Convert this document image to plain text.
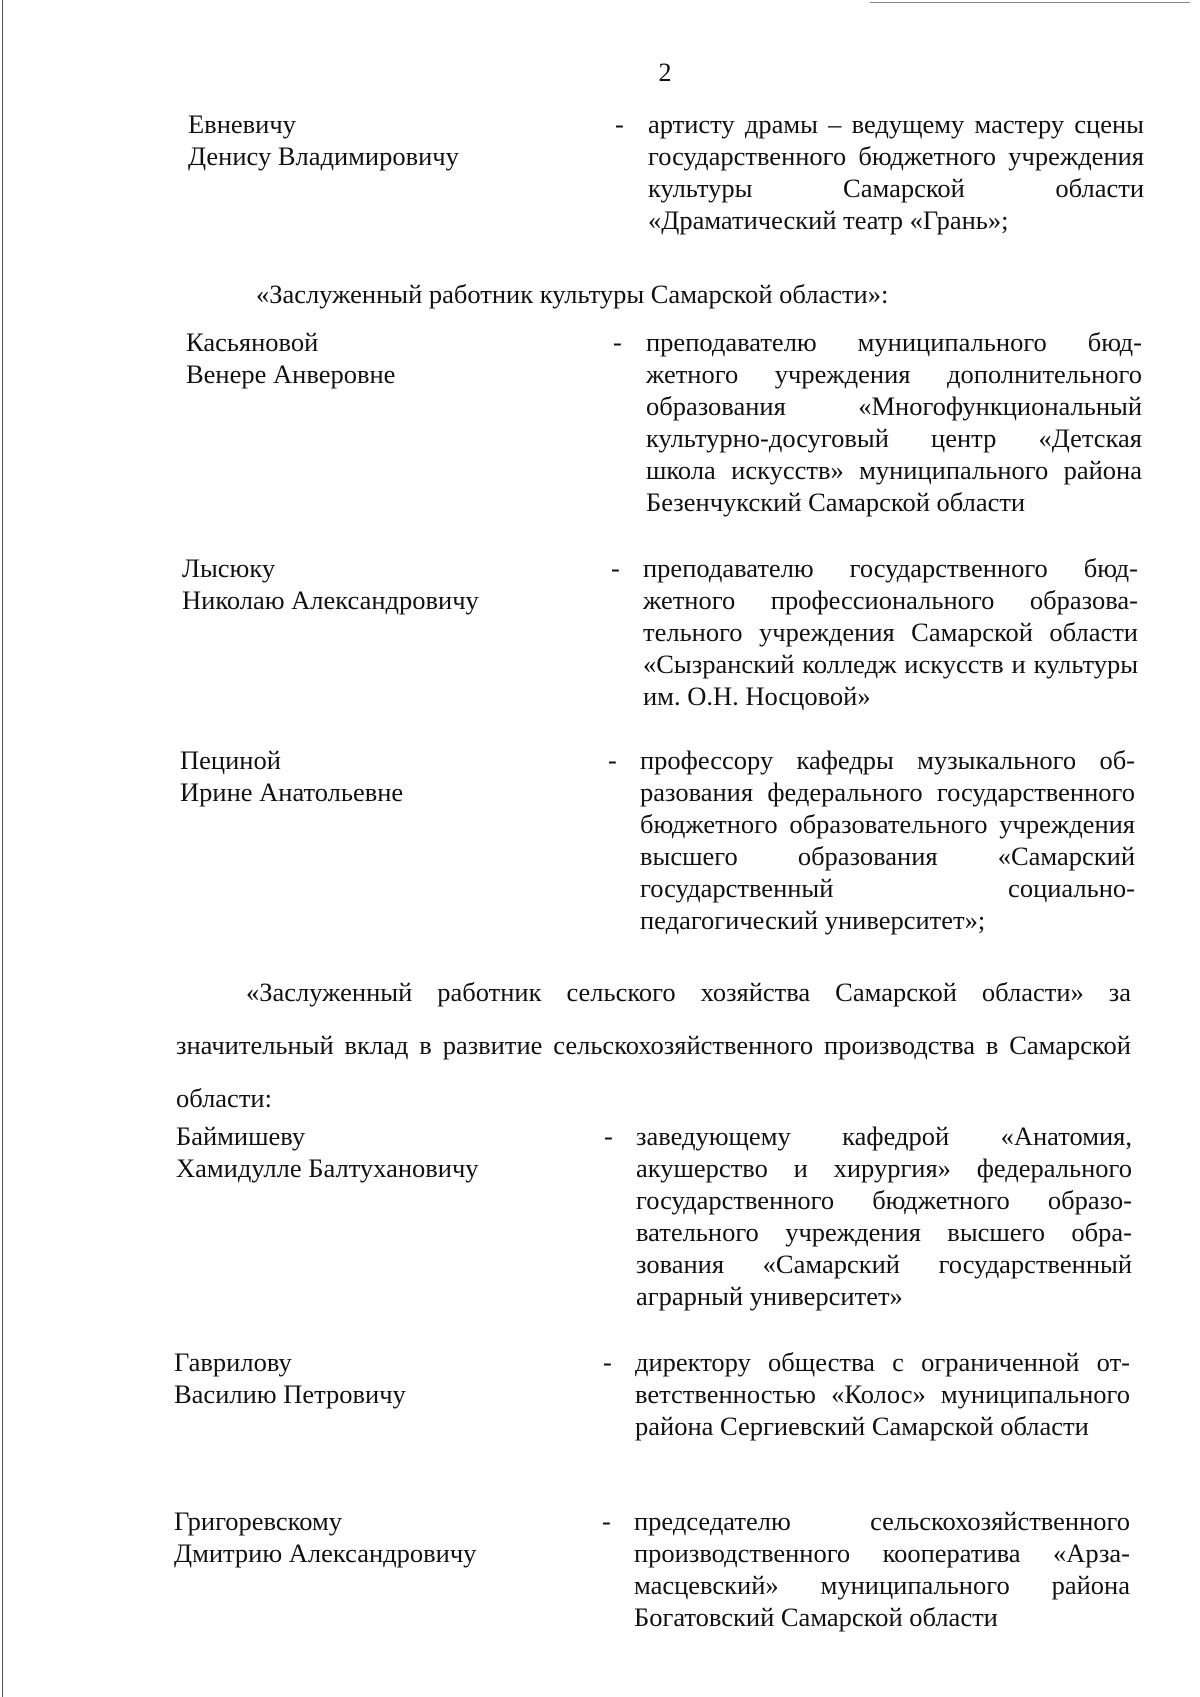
2
Евневичу
Денису Владимировичу
- артисту драмы – ведущему мастеру сцены государственного бюджетного учреждения культуры Самарской области «Драматический театр «Грань»;
«Заслуженный работник культуры Самарской области»:
Касьяновой
Венере Анверовне
- преподавателю муниципального бюджетного учреждения дополнительного образования «Многофункциональный культурно-досуговый центр «Детская школа искусств» муниципального района Безенчукский Самарской области
Лысюку
Николаю Александровичу
- преподавателю государственного бюджетного профессионального образовательного учреждения Самарской области «Сызранский колледж искусств и культуры им. О.Н. Носцовой»
Пециной
Ирине Анатольевне
- профессору кафедры музыкального образования федерального государственного бюджетного образовательного учреждения высшего образования «Самарский государственный социально-педагогический университет»;
«Заслуженный работник сельского хозяйства Самарской области» за значительный вклад в развитие сельскохозяйственного производства в Самарской области:
Баймишеву
Хамидулле Балтухановичу
- заведующему кафедрой «Анатомия, акушерство и хирургия» федерального государственного бюджетного образовательного учреждения высшего образования «Самарский государственный аграрный университет»
Гаврилову
Василию Петровичу
- директору общества с ограниченной ответственностью «Колос» муниципального района Сергиевский Самарской области
Григоревскому
Дмитрию Александровичу
- председателю сельскохозяйственного производственного кооператива «Арзамасцевский» муниципального района Богатовский Самарской области
